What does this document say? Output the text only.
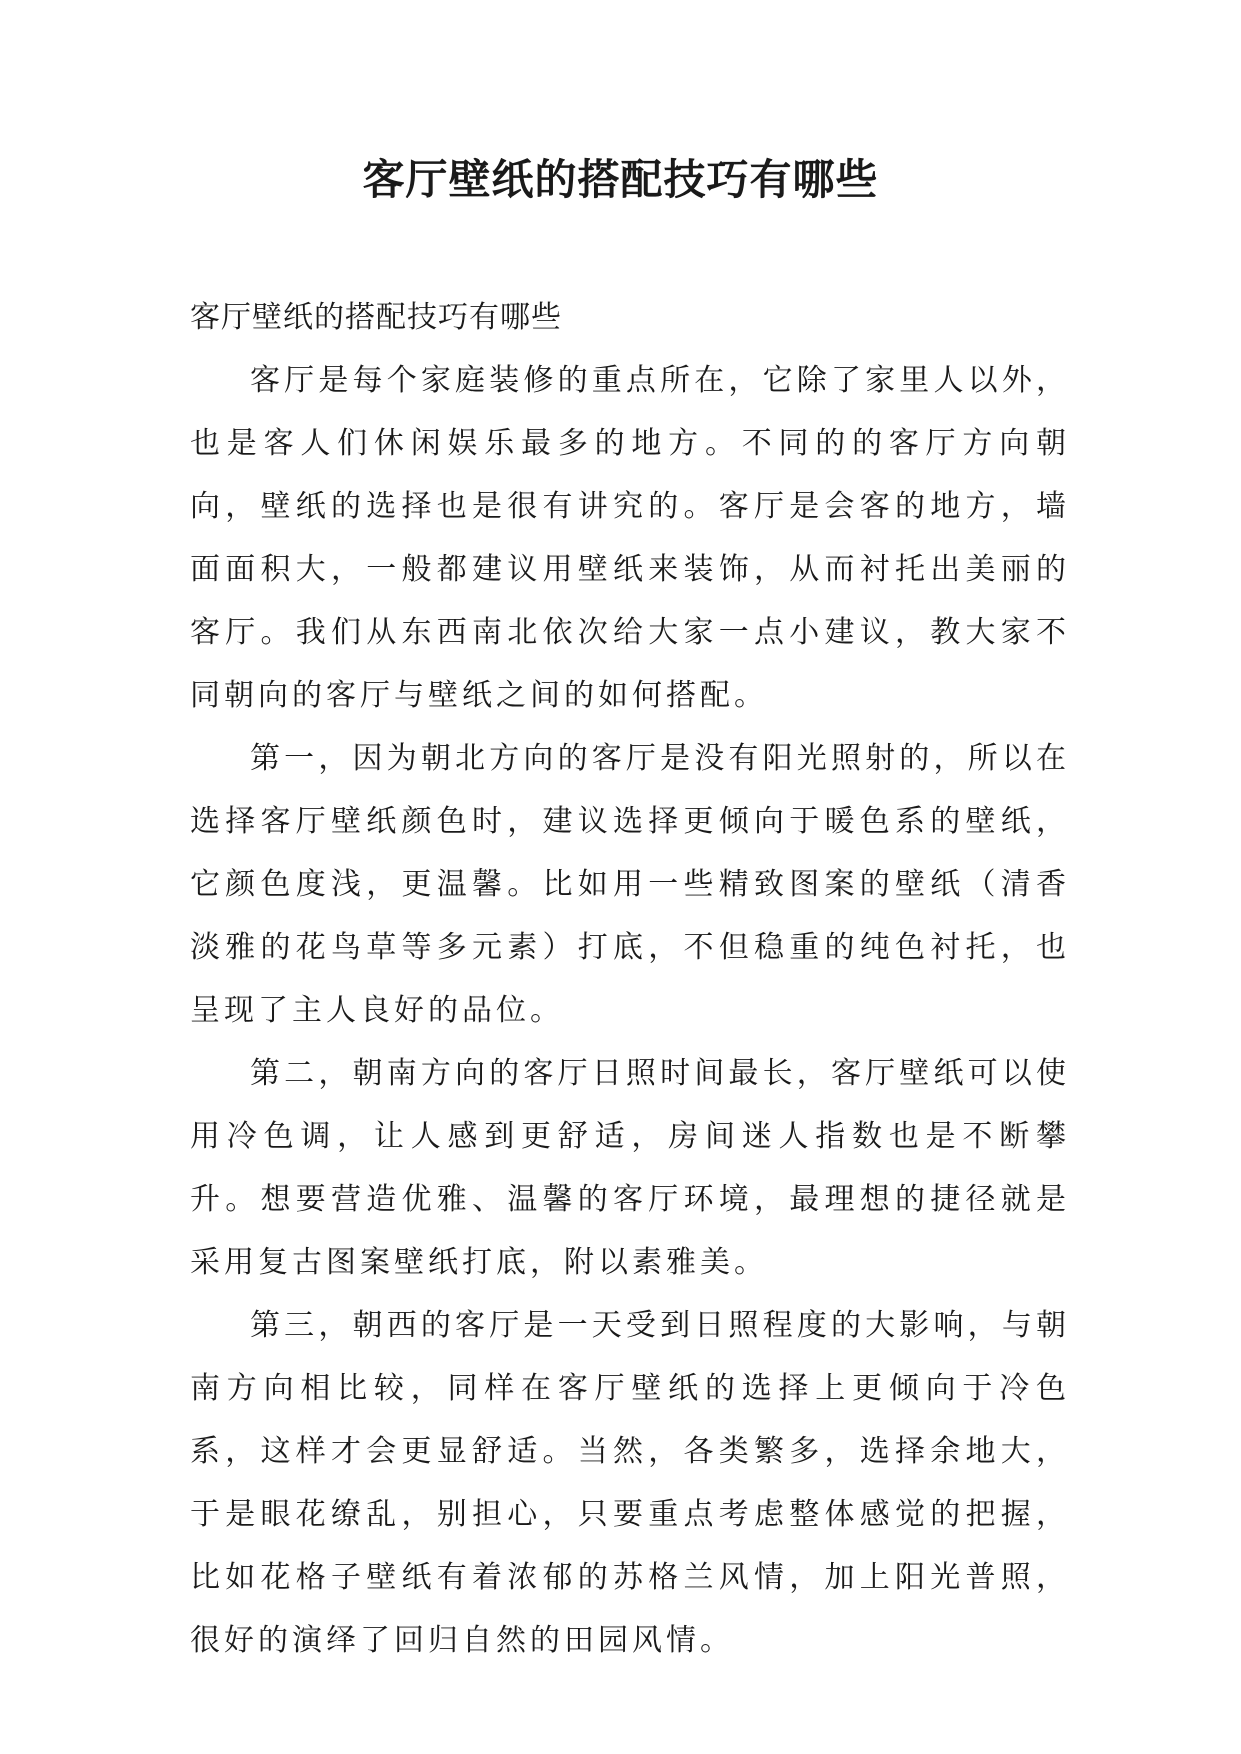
客厅壁纸的搭配技巧有哪些

客厅壁纸的搭配技巧有哪些

客厅是每个家庭装修的重点所在，它除了家里人以外，也是客人们休闲娱乐最多的地方。不同的的客厅方向朝向，壁纸的选择也是很有讲究的。客厅是会客的地方，墙面面积大，一般都建议用壁纸来装饰，从而衬托出美丽的客厅。我们从东西南北依次给大家一点小建议，教大家不同朝向的客厅与壁纸之间的如何搭配。

第一，因为朝北方向的客厅是没有阳光照射的，所以在选择客厅壁纸颜色时，建议选择更倾向于暖色系的壁纸，它颜色度浅，更温馨。比如用一些精致图案的壁纸（清香淡雅的花鸟草等多元素）打底，不但稳重的纯色衬托，也呈现了主人良好的品位。

第二，朝南方向的客厅日照时间最长，客厅壁纸可以使用冷色调，让人感到更舒适，房间迷人指数也是不断攀升。想要营造优雅、温馨的客厅环境，最理想的捷径就是采用复古图案壁纸打底，附以素雅美。

第三，朝西的客厅是一天受到日照程度的大影响，与朝南方向相比较，同样在客厅壁纸的选择上更倾向于冷色系，这样才会更显舒适。当然，各类繁多，选择余地大，于是眼花缭乱，别担心，只要重点考虑整体感觉的把握，比如花格子壁纸有着浓郁的苏格兰风情，加上阳光普照，很好的演绎了回归自然的田园风情。
